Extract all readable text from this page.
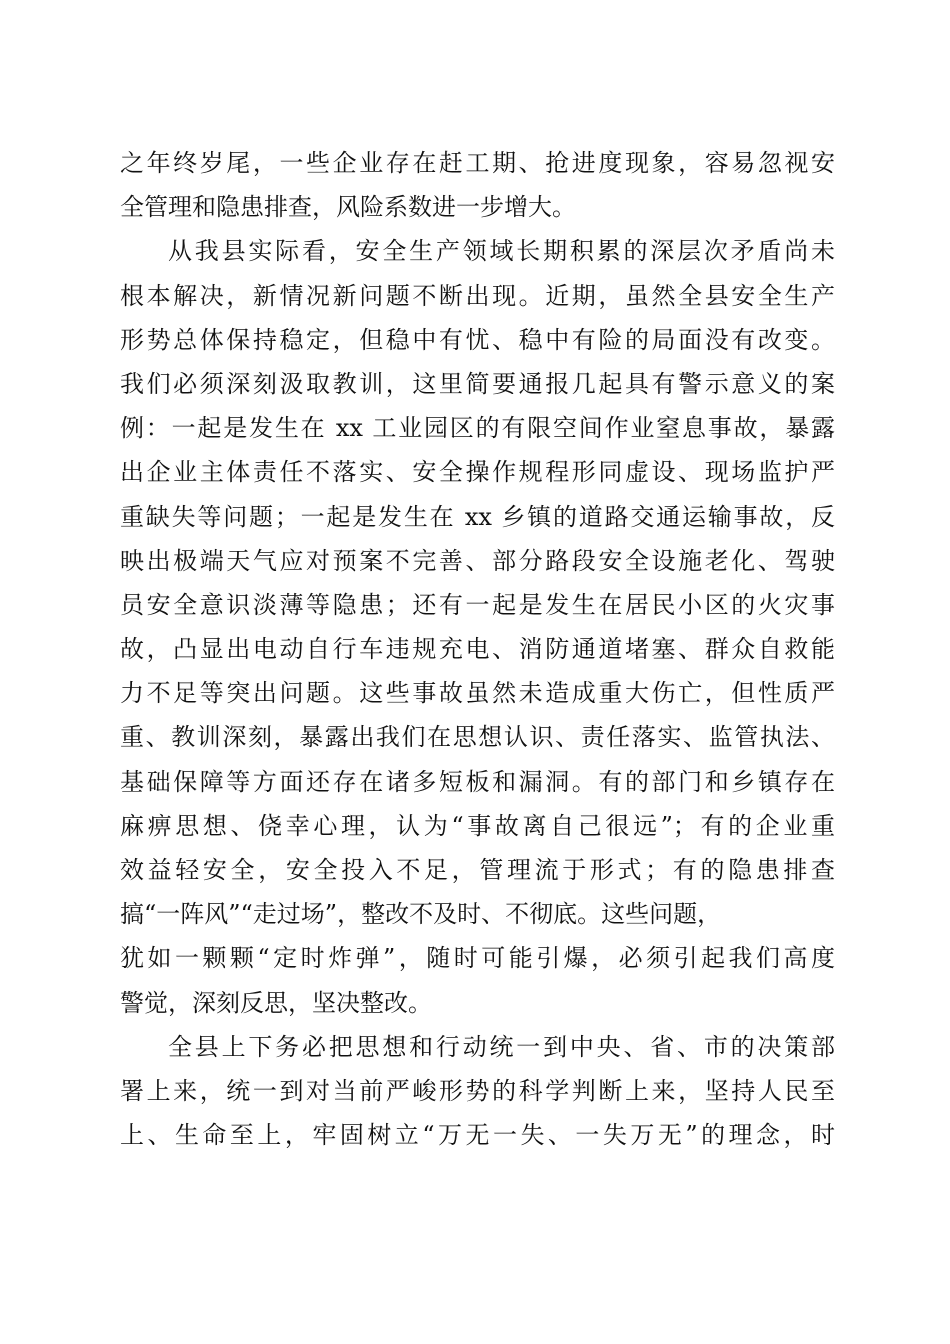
之年终岁尾，一些企业存在赶工期、抢进度现象，容易忽视安
全管理和隐患排查，风险系数进一步增大。
从我县实际看，安全生产领域长期积累的深层次矛盾尚未
根本解决，新情况新问题不断出现。近期，虽然全县安全生产
形势总体保持稳定，但稳中有忧、稳中有险的局面没有改变。
我们必须深刻汲取教训，这里简要通报几起具有警示意义的案
例：一起是发生在 xx 工业园区的有限空间作业窒息事故，暴露
出企业主体责任不落实、安全操作规程形同虚设、现场监护严
重缺失等问题；一起是发生在 xx 乡镇的道路交通运输事故，反
映出极端天气应对预案不完善、部分路段安全设施老化、驾驶
员安全意识淡薄等隐患；还有一起是发生在居民小区的火灾事
故，凸显出电动自行车违规充电、消防通道堵塞、群众自救能
力不足等突出问题。这些事故虽然未造成重大伤亡，但性质严
重、教训深刻，暴露出我们在思想认识、责任落实、监管执法、
基础保障等方面还存在诸多短板和漏洞。有的部门和乡镇存在
麻痹思想、侥幸心理，认为“事故离自己很远”；有的企业重
效益轻安全，安全投入不足，管理流于形式；有的隐患排查
搞“一阵风”“走过场”，整改不及时、不彻底。这些问题，
犹如一颗颗“定时炸弹”，随时可能引爆，必须引起我们高度
警觉，深刻反思，坚决整改。
全县上下务必把思想和行动统一到中央、省、市的决策部
署上来，统一到对当前严峻形势的科学判断上来，坚持人民至
上、生命至上，牢固树立“万无一失、一失万无”的理念，时
